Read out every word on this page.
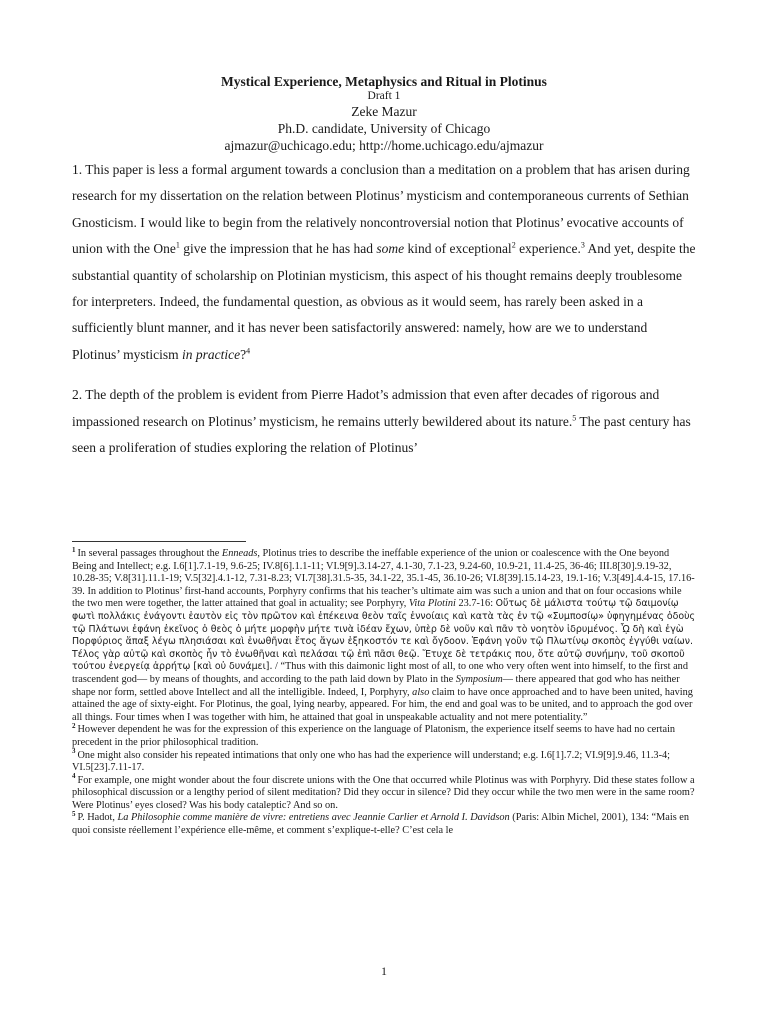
Mystical Experience, Metaphysics and Ritual in Plotinus
Draft 1
Zeke Mazur
Ph.D. candidate, University of Chicago
ajmazur@uchicago.edu; http://home.uchicago.edu/ajmazur

1. This paper is less a formal argument towards a conclusion than a meditation on a problem that has arisen during research for my dissertation on the relation between Plotinus’ mysticism and contemporaneous currents of Sethian Gnosticism. I would like to begin from the relatively noncontroversial notion that Plotinus’ evocative accounts of union with the One$^1$ give the impression that he has had some kind of exceptional$^2$ experience.$^3$ And yet, despite the substantial quantity of scholarship on Plotinian mysticism, this aspect of his thought remains deeply troublesome for interpreters. Indeed, the fundamental question, as obvious as it would seem, has rarely been asked in a sufficiently blunt manner, and it has never been satisfactorily answered: namely, how are we to understand Plotinus’ mysticism in practice?$^4$

2. The depth of the problem is evident from Pierre Hadot’s admission that even after decades of rigorous and impassioned research on Plotinus’ mysticism, he remains utterly bewildered about its nature.$^5$ The past century has seen a proliferation of studies exploring the relation of Plotinus’

$^1$ In several passages throughout the Enneads, Plotinus tries to describe the ineffable experience of the union or coalescence with the One beyond Being and Intellect; e.g. I.6[1].7.1-19, 9.6-25; IV.8[6].1.1-11; VI.9[9].3.14-27, 4.1-30, 7.1-23, 9.24-60, 10.9-21, 11.4-25, 36-46; III.8[30].9.19-32, 10.28-35; V.8[31].11.1-19; V.5[32].4.1-12, 7.31-8.23; VI.7[38].31.5-35, 34.1-22, 35.1-45, 36.10-26; VI.8[39].15.14-23, 19.1-16; V.3[49].4.4-15, 17.16-39. In addition to Plotinus’ first-hand accounts, Porphyry confirms that his teacher’s ultimate aim was such a union and that on four occasions while the two men were together, the latter attained that goal in actuality; see Porphyry, Vita Plotini 23.7-16: Οὕτως δὲ μάλιστα τούτῳ τῷ δαιμονίῳ φωτὶ πολλάκις ἐνάγοντι ἑαυτὸν εἰς τὸν πρῶτον καὶ ἐπέκεινα θεὸν ταῖς ἐννοίαις καὶ κατὰ τὰς ἐν τῷ «Συμποσίῳ» ὑφηγημένας ὁδοὺς τῷ Πλάτωνι ἐφάνη ἐκεῖνος ὁ θεὸς ὁ μήτε μορφὴν μήτε τινὰ ἰδέαν ἔχων, ὑπὲρ δὲ νοῦν καὶ πᾶν τὸ νοητὸν ἱδρυμένος. ᾯ δὴ καὶ ἐγὼ Πορφύριος ἅπαξ λέγω πλησιάσαι καὶ ἑνωθῆναι ἔτος ἄγων ἑξηκοστόν τε καὶ ὄγδοον. Ἐφάνη γοῦν τῷ Πλωτίνῳ σκοπὸς ἐγγύθι ναίων. Τέλος γὰρ αὐτῷ καὶ σκοπὸς ἦν τὸ ἑνωθῆναι καὶ πελάσαι τῷ ἐπὶ πᾶσι θεῷ. Ἔτυχε δὲ τετράκις που, ὅτε αὐτῷ συνήμην, τοῦ σκοποῦ τούτου ἐνεργείᾳ ἀρρήτῳ [καὶ οὐ δυνάμει]. / “Thus with this daimonic light most of all, to one who very often went into himself, to the first and trascendent god— by means of thoughts, and according to the path laid down by Plato in the Symposium— there appeared that god who has neither shape nor form, settled above Intellect and all the intelligible. Indeed, I, Porphyry, also claim to have once approached and to have been united, having attained the age of sixty-eight. For Plotinus, the goal, lying nearby, appeared. For him, the end and goal was to be united, and to approach the god over all things. Four times when I was together with him, he attained that goal in unspeakable actuality and not mere potentiality.”

$^2$ However dependent he was for the expression of this experience on the language of Platonism, the experience itself seems to have had no certain precedent in the prior philosophical tradition.

$^3$ One might also consider his repeated intimations that only one who has had the experience will understand; e.g. I.6[1].7.2; VI.9[9].9.46, 11.3-4; VI.5[23].7.11-17.

$^4$ For example, one might wonder about the four discrete unions with the One that occurred while Plotinus was with Porphyry. Did these states follow a philosophical discussion or a lengthy period of silent meditation? Did they occur in silence? Did they occur while the two men were in the same room? Were Plotinus’ eyes closed? Was his body cataleptic? And so on.

$^5$ P. Hadot, La Philosophie comme manière de vivre: entretiens avec Jeannie Carlier et Arnold I. Davidson (Paris: Albin Michel, 2001), 134: “Mais en quoi consiste réellement l’expérience elle-même, et comment s’explique-t-elle? C’est cela le

1
